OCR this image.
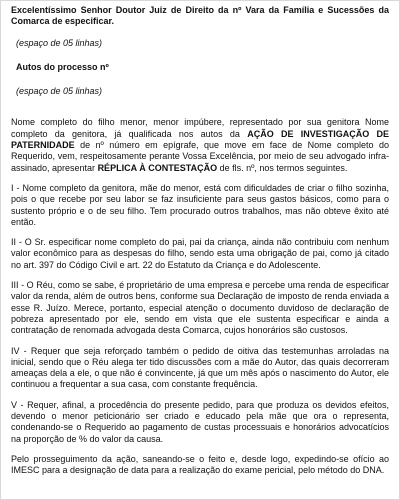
Excelentíssimo Senhor Doutor Juiz de Direito da nº Vara da Família e Sucessões da Comarca de especificar.

(espaço de 05 linhas)

Autos do processo nº

(espaço de 05 linhas)

Nome completo do filho menor, menor impúbere, representado por sua genitora Nome completo da genitora, já qualificada nos autos da AÇÃO DE INVESTIGAÇÃO DE PATERNIDADE de nº número em epígrafe, que move em face de Nome completo do Requerido, vem, respeitosamente perante Vossa Excelência, por meio de seu advogado infra-assinado, apresentar RÉPLICA À CONTESTAÇÃO de fls. nº, nos termos seguintes.

I - Nome completo da genitora, mãe do menor, está com dificuldades de criar o filho sozinha, pois o que recebe por seu labor se faz insuficiente para seus gastos básicos, como para o sustento próprio e o de seu filho. Tem procurado outros trabalhos, mas não obteve êxito até então.

II - O Sr. especificar nome completo do pai, pai da criança, ainda não contribuiu com nenhum valor econômico para as despesas do filho, sendo esta uma obrigação de pai, como já citado no art. 397 do Código Civil e art. 22 do Estatuto da Criança e do Adolescente.

III - O Réu, como se sabe, é proprietário de uma empresa e percebe uma renda de especificar valor da renda, além de outros bens, conforme sua Declaração de imposto de renda enviada a esse R. Juízo. Merece, portanto, especial atenção o documento duvidoso de declaração de pobreza apresentado por ele, sendo em vista que ele sustenta especificar e ainda a contratação de renomada advogada desta Comarca, cujos honorários são custosos.

IV - Requer que seja reforçado também o pedido de oitiva das testemunhas arroladas na inicial, sendo que o Réu alega ter tido discussões com a mãe do Autor, das quais decorreram ameaças dela a ele, o que não é convincente, já que um mês após o nascimento do Autor, ele continuou a frequentar a sua casa, com constante frequência.

V - Requer, afinal, a procedência do presente pedido, para que produza os devidos efeitos, devendo o menor peticionário ser criado e educado pela mãe que ora o representa, condenando-se o Requerido ao pagamento de custas processuais e honorários advocatícios na proporção de % do valor da causa.

Pelo prosseguimento da ação, saneando-se o feito e, desde logo, expedindo-se ofício ao IMESC para a designação de data para a realização do exame pericial, pelo método do DNA.
